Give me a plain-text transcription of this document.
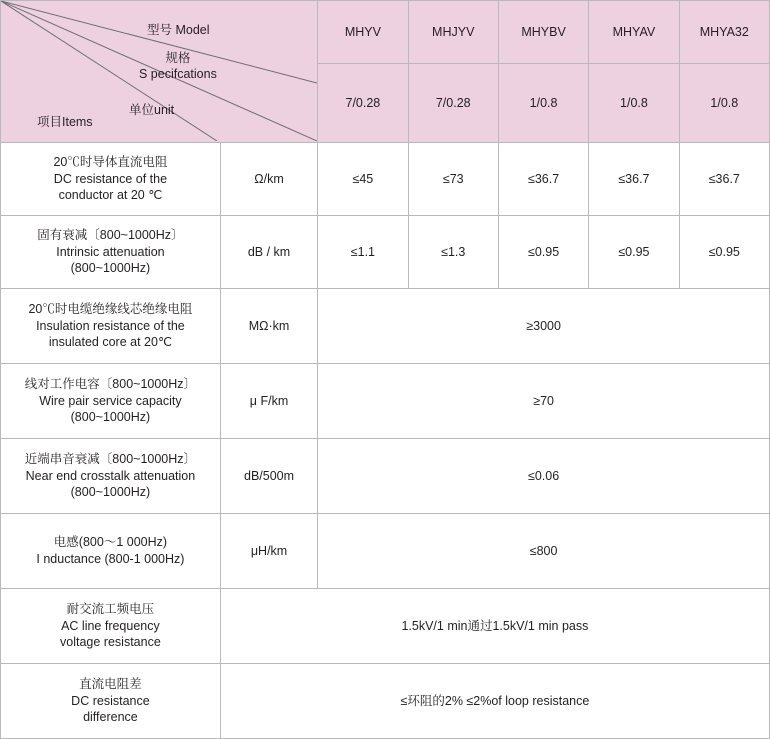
型号 Model
规格
S pecifcations
单位unit
项目Items		MHYV	MHJYV	MHYBV	MHYAV	MHYA32
		7/0.28	7/0.28	1/0.8	1/0.8	1/0.8

20℃时导体直流电阻
DC resistance of the
conductor at 20 ℃	Ω/km	≤45	≤73	≤36.7	≤36.7	≤36.7

固有衰减〔800~1000Hz〕
Intrinsic attenuation
(800~1000Hz)	dB / km	≤1.1	≤1.3	≤0.95	≤0.95	≤0.95

20℃时电缆绝缘线芯绝缘电阻
Insulation resistance of the
insulated core at 20℃	MΩ·km	≥3000				

线对工作电容〔800~1000Hz〕
Wire pair service capacity
(800~1000Hz)	μ F/km	≥70				

近端串音衰减〔800~1000Hz〕
Near end crosstalk attenuation
(800~1000Hz)	dB/500m	≤0.06				

电感(800～1 000Hz)
I nductance (800-1 000Hz)	μH/km	≤800				

耐交流工频电压
AC line frequency
voltage resistance	1.5kV/1 min通过1.5kV/1 min pass					

直流电阻差
DC resistance
difference	≤环阻的2% ≤2%of loop resistance					
